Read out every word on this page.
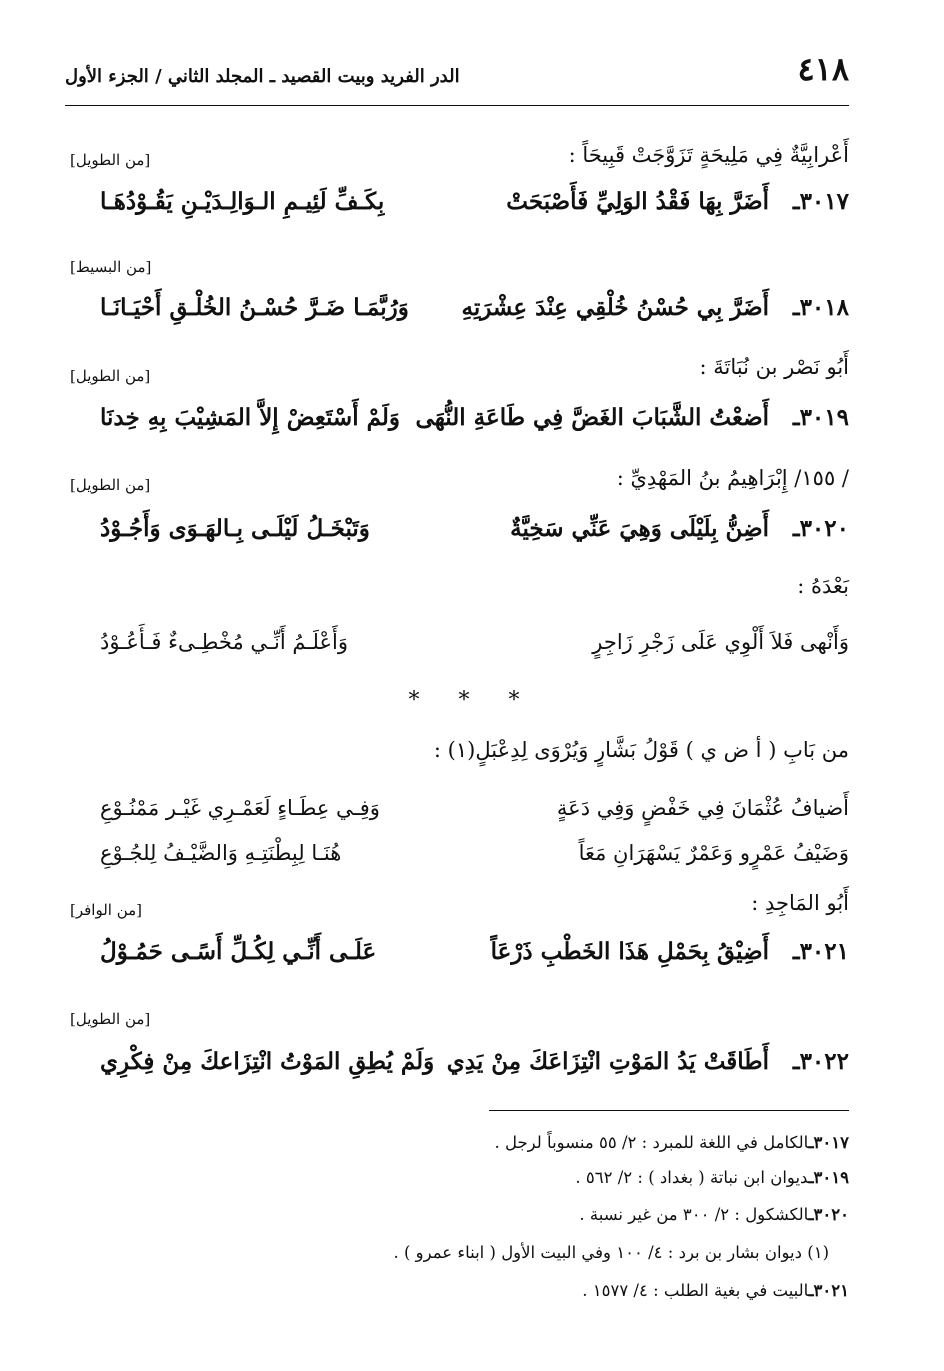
٤١٨
الدر الفريد وبيت القصيد ـ المجلد الثاني / الجزء الأول
أَعْرابِيَّةٌ فِي مَلِيحَةٍ تَزَوَّجَتْ قَبِيحَاً :
[من الطويل]
٣٠١٧ـ
أَضَرَّ بِهَا فَقْدُ الوَلِيِّ فَأَصْبَحَتْ
بِكَـفِّ لَئِيـمِ الـوَالِـدَيْـنِ يَقُـوْدُهَـا
[من البسيط]
٣٠١٨ـ
أَضَرَّ بِي حُسْنُ خُلْقِي عِنْدَ عِشْرَتِهِ
وَرُبَّمَـا ضَـرَّ حُسْـنُ الخُلْـقِ أَحْيَـانَـا
أَبُو نَصْر بن نُبَاتَةَ :
[من الطويل]
٣٠١٩ـ
أَضعْتُ الشَّبَابَ الغَضَّ فِي طَاعَةِ النُّهَى
وَلَمْ أَسْتَعِضْ إِلاَّ المَشِيْبَ بِهِ خِدنَا
/ ١٥٥/ إِبْرَاهِيمُ بنُ المَهْدِيِّ :
[من الطويل]
٣٠٢٠ـ
أَضِنُّ بِلَيْلَى وَهِيَ عَنِّي سَخِيَّةٌ
وَتَبْخَـلُ لَيْلَـى بِـالهَـوَى وَأَجُـوْدُ
بَعْدَهُ :
وَأَنْهى فَلاَ أَلْوِي عَلَى زَجْرِ زَاجِرٍ
وَأَعْلَـمُ أَنِّـي مُخْطِـىءٌ فَـأَعُـوْدُ
* * *
من بَابِ ( أ ض ي ) قَوْلُ بَشَّارٍ وَيُرْوَى لِدِعْبَلٍ(١) :
أَضيافُ عُثْمَانَ فِي خَفْضٍ وَفِي دَعَةٍ
وَفِـي عِطَـاءٍ لَعَمْـرِي غَيْـر مَمْنُـوْعِ
وَضَيْفُ عَمْرٍو وَعَمْرٌ يَسْهَرَانِ مَعَاً
هُنَـا لِبِطْنَتِـهِ وَالضَّيْـفُ لِلجُـوْعِ
أَبُو المَاجِدِ :
[من الوافر]
٣٠٢١ـ
أَضِيْقُ بِحَمْلِ هَذَا الخَطْبِ ذَرْعَاً
عَلَـى أَنِّـي لِكُـلِّ أَسًـى حَمُـوْلُ
[من الطويل]
٣٠٢٢ـ
أَطَاقَتْ يَدُ المَوْتِ انْتِزَاعَكَ مِنْ يَدِي
وَلَمْ يُطِقِ المَوْتُ انْتِزَاعكَ مِنْ فِكْرِي
٣٠١٧ـالكامل في اللغة للمبرد : ٢/ ٥٥ منسوباً لرجل .
٣٠١٩ـديوان ابن نباتة ( بغداد ) : ٢/ ٥٦٢ .
٣٠٢٠ـالكشكول : ٢/ ٣٠٠ من غير نسبة .
(١) ديوان بشار بن برد : ٤/ ١٠٠ وفي البيت الأول ( ابناء عمرو ) .
٣٠٢١ـالبيت في بغية الطلب : ٤/ ١٥٧٧ .
